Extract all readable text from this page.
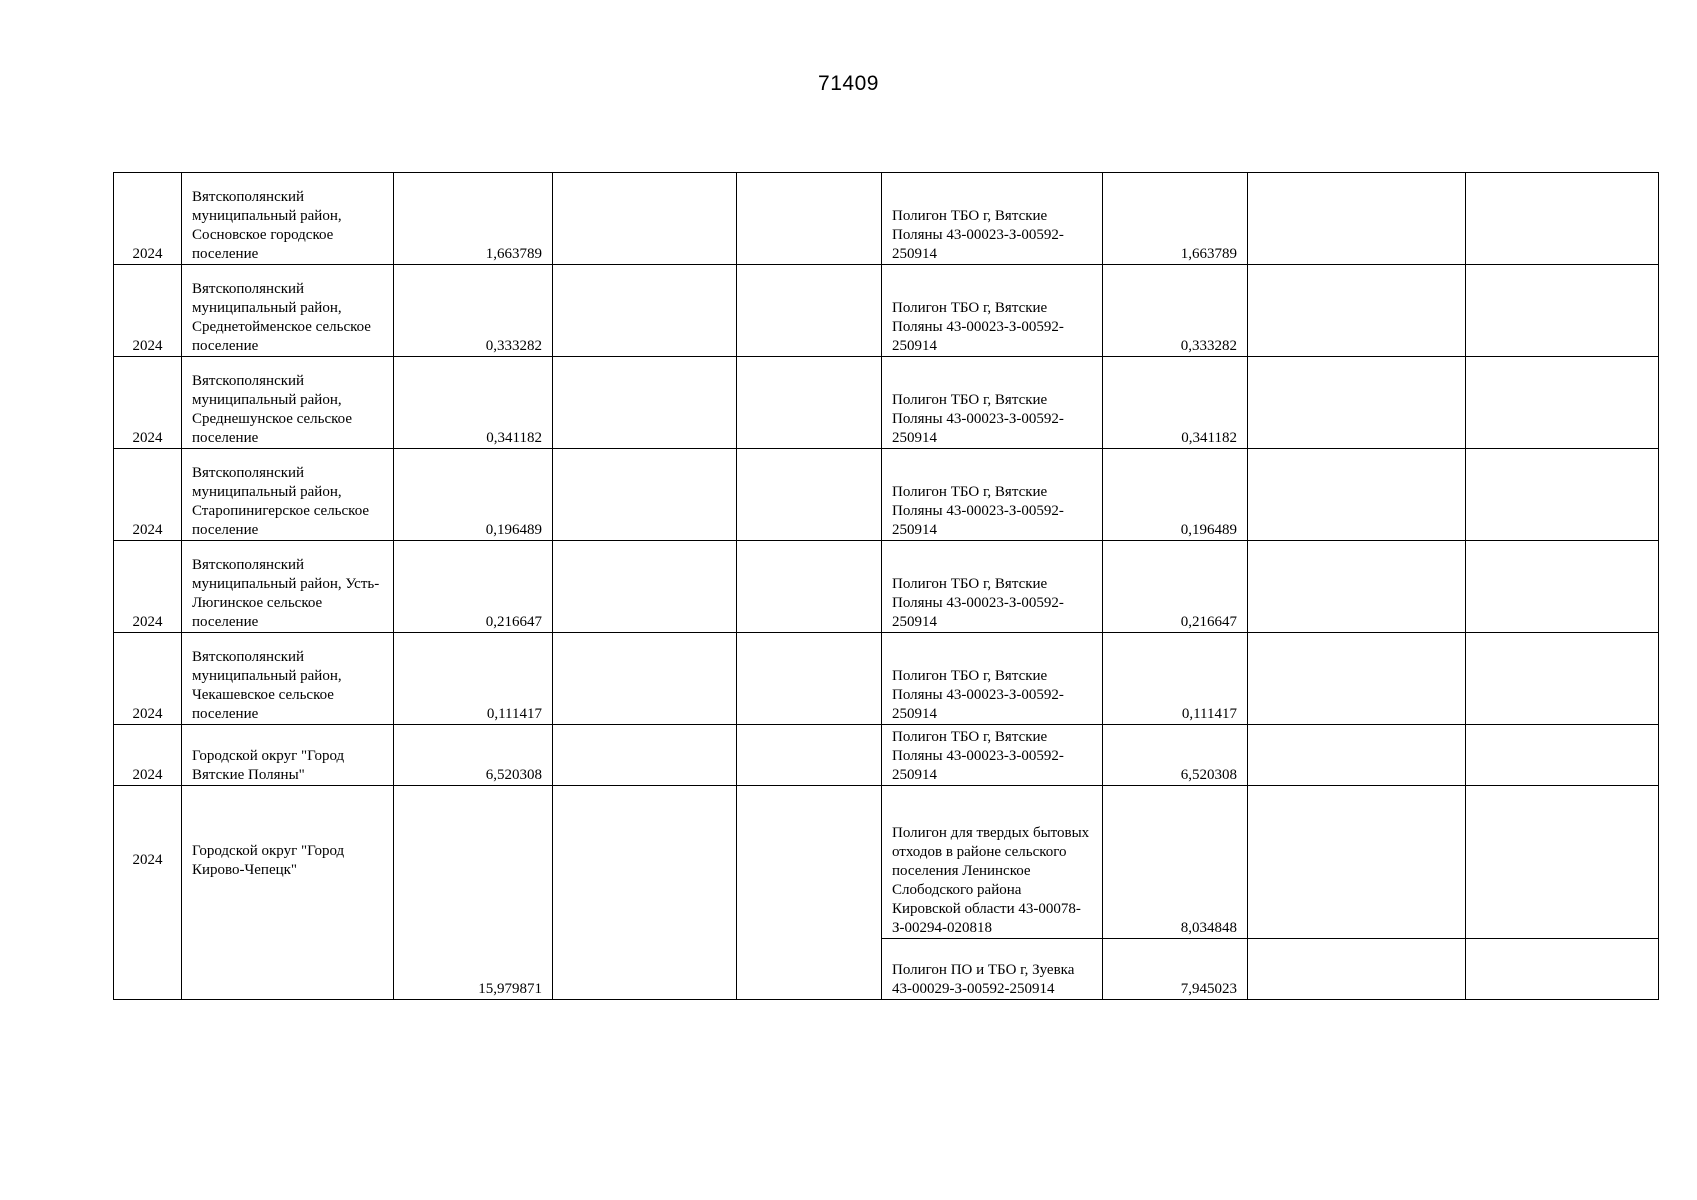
71409
2024	Вятскополянский муниципальный район, Сосновское городское поселение	1,663789			Полигон ТБО г, Вятские Поляны 43-00023-З-00592-250914	1,663789		
2024	Вятскополянский муниципальный район, Среднетойменское сельское поселение	0,333282			Полигон ТБО г, Вятские Поляны 43-00023-З-00592-250914	0,333282		
2024	Вятскополянский муниципальный район, Среднешунское сельское поселение	0,341182			Полигон ТБО г, Вятские Поляны 43-00023-З-00592-250914	0,341182		
2024	Вятскополянский муниципальный район, Старопинигерское сельское поселение	0,196489			Полигон ТБО г, Вятские Поляны 43-00023-З-00592-250914	0,196489		
2024	Вятскополянский муниципальный район, Усть-Люгинское сельское поселение	0,216647			Полигон ТБО г, Вятские Поляны 43-00023-З-00592-250914	0,216647		
2024	Вятскополянский муниципальный район, Чекашевское сельское поселение	0,111417			Полигон ТБО г, Вятские Поляны 43-00023-З-00592-250914	0,111417		
2024	Городской округ "Город Вятские Поляны"	6,520308			Полигон ТБО г, Вятские Поляны 43-00023-З-00592-250914	6,520308		
2024	Городской округ "Город Кирово-Чепецк"	15,979871			Полигон для твердых бытовых отходов в районе сельского поселения Ленинское Слободского района Кировской области 43-00078-З-00294-020818	8,034848		
					Полигон ПО и ТБО г, Зуевка 43-00029-З-00592-250914	7,945023		
